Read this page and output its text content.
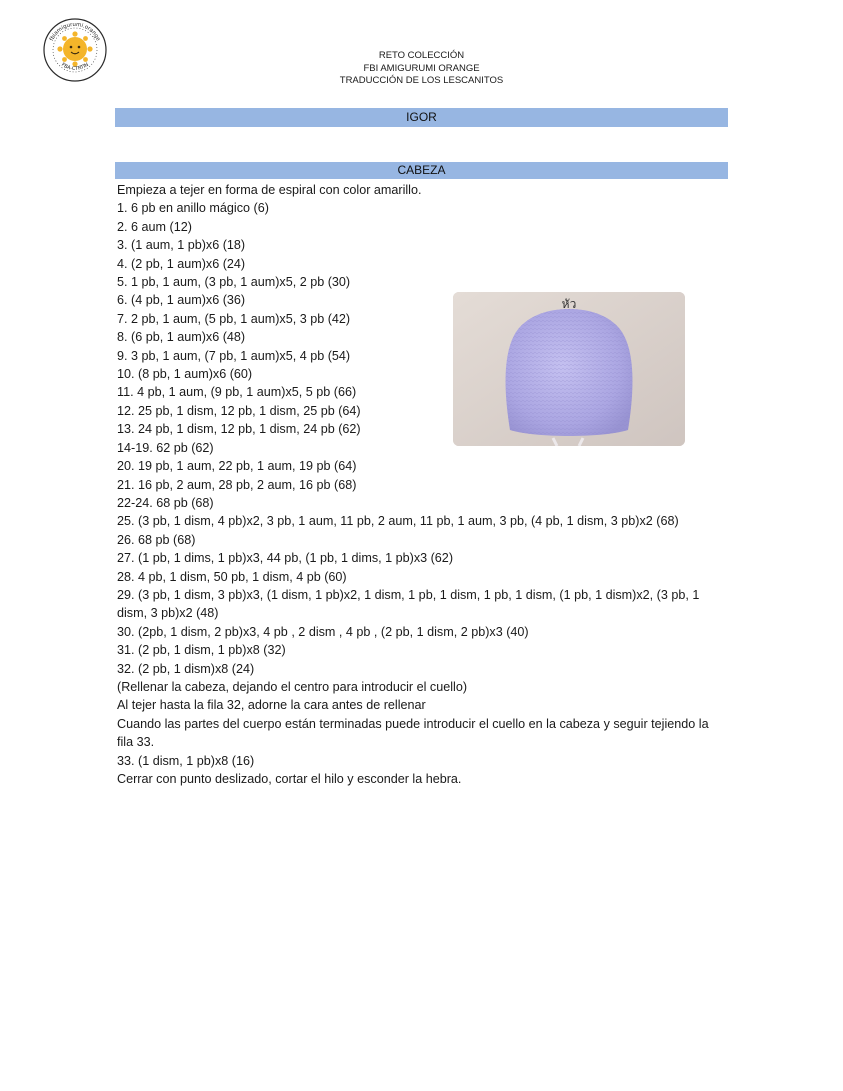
fbiamigurumi.orange
FBA-CTRTIN
RETO COLECCIÓN
FBI AMIGURUMI ORANGE
TRADUCCIÓN DE LOS LESCANITOS
IGOR
CABEZA
Empieza a tejer en forma de espiral con color amarillo.
1. 6 pb en anillo mágico (6)
2. 6 aum (12)
3. (1 aum, 1 pb)x6 (18)
4. (2 pb, 1 aum)x6 (24)
5. 1 pb, 1 aum, (3 pb, 1 aum)x5, 2 pb (30)
6. (4 pb, 1 aum)x6 (36)
7. 2 pb, 1 aum, (5 pb, 1 aum)x5, 3 pb (42)
8. (6 pb, 1 aum)x6 (48)
9. 3 pb, 1 aum, (7 pb, 1 aum)x5, 4 pb (54)
10. (8 pb, 1 aum)x6 (60)
11. 4 pb, 1 aum, (9 pb, 1 aum)x5, 5 pb (66)
12. 25 pb, 1 dism, 12 pb, 1 dism, 25 pb (64)
13. 24 pb, 1 dism, 12 pb, 1 dism, 24 pb (62)
14-19. 62 pb (62)
20. 19 pb, 1 aum, 22 pb, 1 aum, 19 pb (64)
21. 16 pb, 2 aum, 28 pb, 2 aum, 16 pb (68)
22-24. 68 pb (68)
25. (3 pb, 1 dism, 4 pb)x2, 3 pb, 1 aum, 11 pb, 2 aum, 11 pb, 1 aum, 3 pb, (4 pb, 1 dism, 3 pb)x2 (68)
26. 68 pb (68)
27. (1 pb, 1 dims, 1 pb)x3, 44 pb, (1 pb, 1 dims, 1 pb)x3 (62)
28. 4 pb, 1 dism, 50 pb, 1 dism, 4 pb (60)
29. (3 pb, 1 dism, 3 pb)x3, (1 dism, 1 pb)x2, 1 dism, 1 pb, 1 dism, 1 pb, 1 dism, (1 pb, 1 dism)x2, (3 pb, 1 dism, 3 pb)x2 (48)
30. (2pb, 1 dism, 2 pb)x3, 4 pb , 2 dism , 4 pb , (2 pb, 1 dism, 2 pb)x3 (40)
31. (2 pb, 1 dism, 1 pb)x8 (32)
32. (2 pb, 1 dism)x8 (24)
(Rellenar la cabeza, dejando el centro para introducir el cuello)
Al tejer hasta la fila 32, adorne la cara antes de rellenar
Cuando las partes del cuerpo están terminadas puede introducir el cuello en la cabeza y seguir tejiendo la fila 33.
33. (1 dism, 1 pb)x8 (16)
Cerrar con punto deslizado, cortar el hilo y esconder la hebra.
หัว
